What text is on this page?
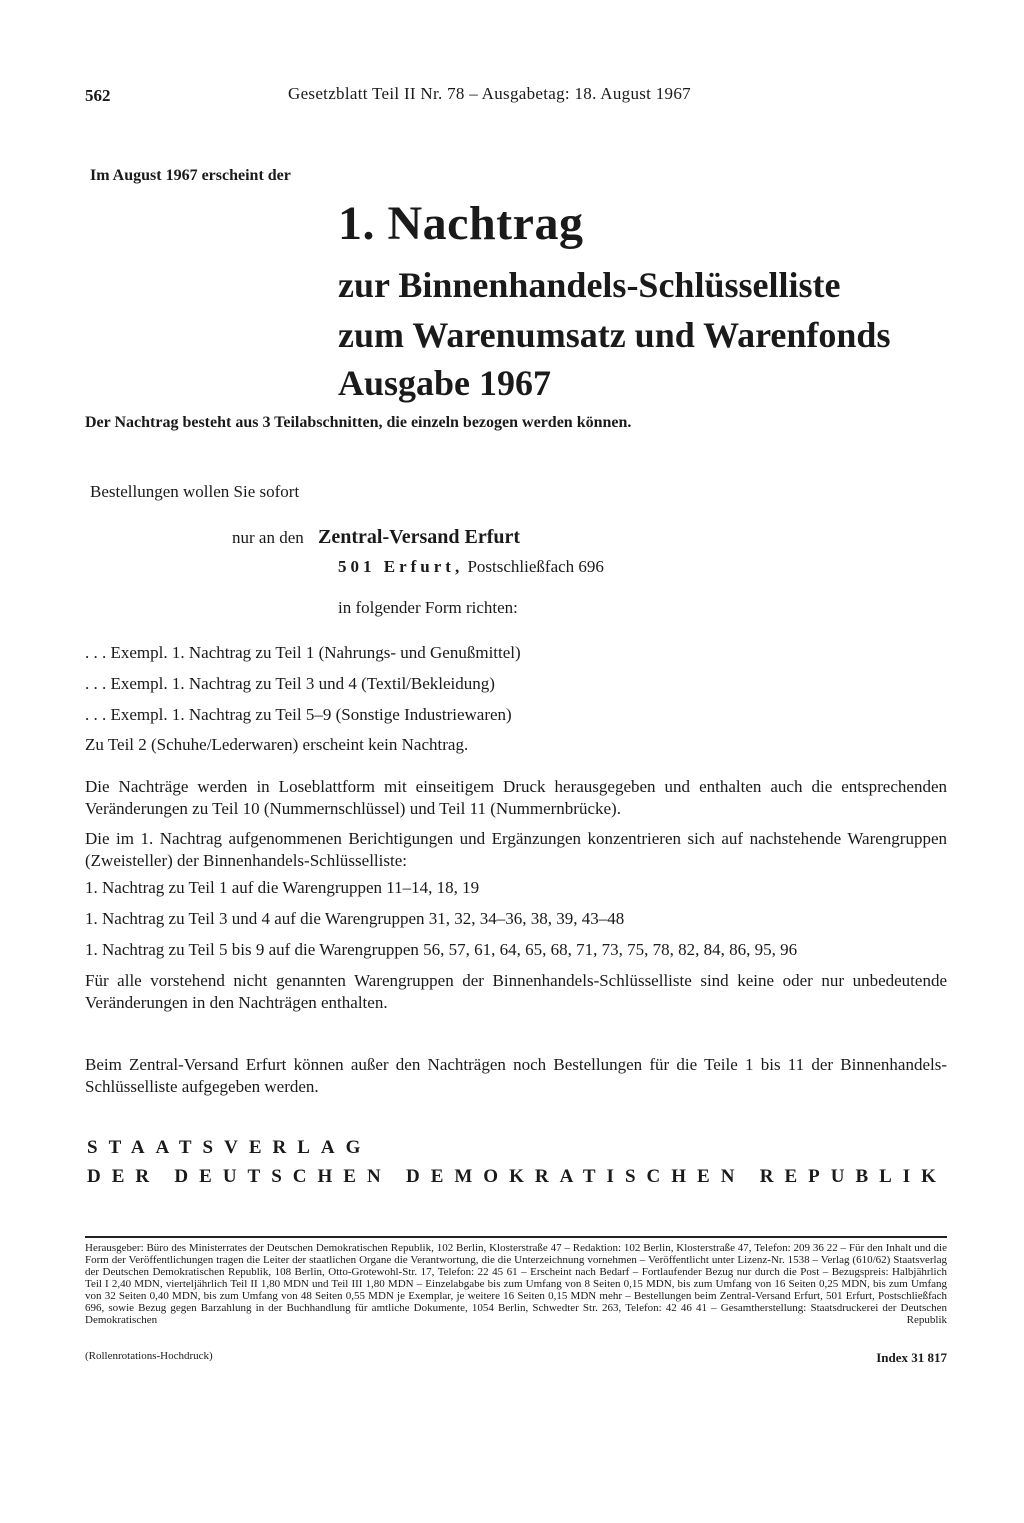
562	Gesetzblatt Teil II Nr. 78 – Ausgabetag: 18. August 1967
Im August 1967 erscheint der
1. Nachtrag
zur Binnenhandels-Schlüsselliste
zum Warenumsatz und Warenfonds
Ausgabe 1967
Der Nachtrag besteht aus 3 Teilabschnitten, die einzeln bezogen werden können.
Bestellungen wollen Sie sofort
nur an den Zentral-Versand Erfurt
501 Erfurt, Postschließfach 696
in folgender Form richten:
. . . Exempl. 1. Nachtrag zu Teil 1 (Nahrungs- und Genußmittel)
. . . Exempl. 1. Nachtrag zu Teil 3 und 4 (Textil/Bekleidung)
. . . Exempl. 1. Nachtrag zu Teil 5–9 (Sonstige Industriewaren)
Zu Teil 2 (Schuhe/Lederwaren) erscheint kein Nachtrag.
Die Nachträge werden in Loseblattform mit einseitigem Druck herausgegeben und enthalten auch die entsprechenden Veränderungen zu Teil 10 (Nummernschlüssel) und Teil 11 (Nummernbrücke).
Die im 1. Nachtrag aufgenommenen Berichtigungen und Ergänzungen konzentrieren sich auf nachstehende Warengruppen (Zweisteller) der Binnenhandels-Schlüsselliste:
1. Nachtrag zu Teil 1 auf die Warengruppen 11–14, 18, 19
1. Nachtrag zu Teil 3 und 4 auf die Warengruppen 31, 32, 34–36, 38, 39, 43–48
1. Nachtrag zu Teil 5 bis 9 auf die Warengruppen 56, 57, 61, 64, 65, 68, 71, 73, 75, 78, 82, 84, 86, 95, 96
Für alle vorstehend nicht genannten Warengruppen der Binnenhandels-Schlüsselliste sind keine oder nur unbedeutende Veränderungen in den Nachträgen enthalten.
Beim Zentral-Versand Erfurt können außer den Nachträgen noch Bestellungen für die Teile 1 bis 11 der Binnenhandels-Schlüsselliste aufgegeben werden.
STAATSVERLAG
DER DEUTSCHEN DEMOKRATISCHEN REPUBLIK
Herausgeber: Büro des Ministerrates der Deutschen Demokratischen Republik, 102 Berlin, Klosterstraße 47 – Redaktion: 102 Berlin, Klosterstraße 47, Telefon: 209 36 22 – Für den Inhalt und die Form der Veröffentlichungen tragen die Leiter der staatlichen Organe die Verantwortung, die die Unterzeichnung vornehmen – Veröffentlicht unter Lizenz-Nr. 1538 – Verlag (610/62) Staatsverlag der Deutschen Demokratischen Republik, 108 Berlin, Otto-Grotewohl-Str. 17, Telefon: 22 45 61 – Erscheint nach Bedarf – Fortlaufender Bezug nur durch die Post – Bezugspreis: Halbjährlich Teil I 2,40 MDN, vierteljährlich Teil II 1,80 MDN und Teil III 1,80 MDN – Einzelabgabe bis zum Umfang von 8 Seiten 0,15 MDN, bis zum Umfang von 16 Seiten 0,25 MDN, bis zum Umfang von 32 Seiten 0,40 MDN, bis zum Umfang von 48 Seiten 0,55 MDN je Exemplar, je weitere 16 Seiten 0,15 MDN mehr – Bestellungen beim Zentral-Versand Erfurt, 501 Erfurt, Postschließfach 696, sowie Bezug gegen Barzahlung in der Buchhandlung für amtliche Dokumente, 1054 Berlin, Schwedter Str. 263, Telefon: 42 46 41 – Gesamtherstellung: Staatsdruckerei der Deutschen Demokratischen Republik
(Rollenrotations-Hochdruck)	Index 31 817
